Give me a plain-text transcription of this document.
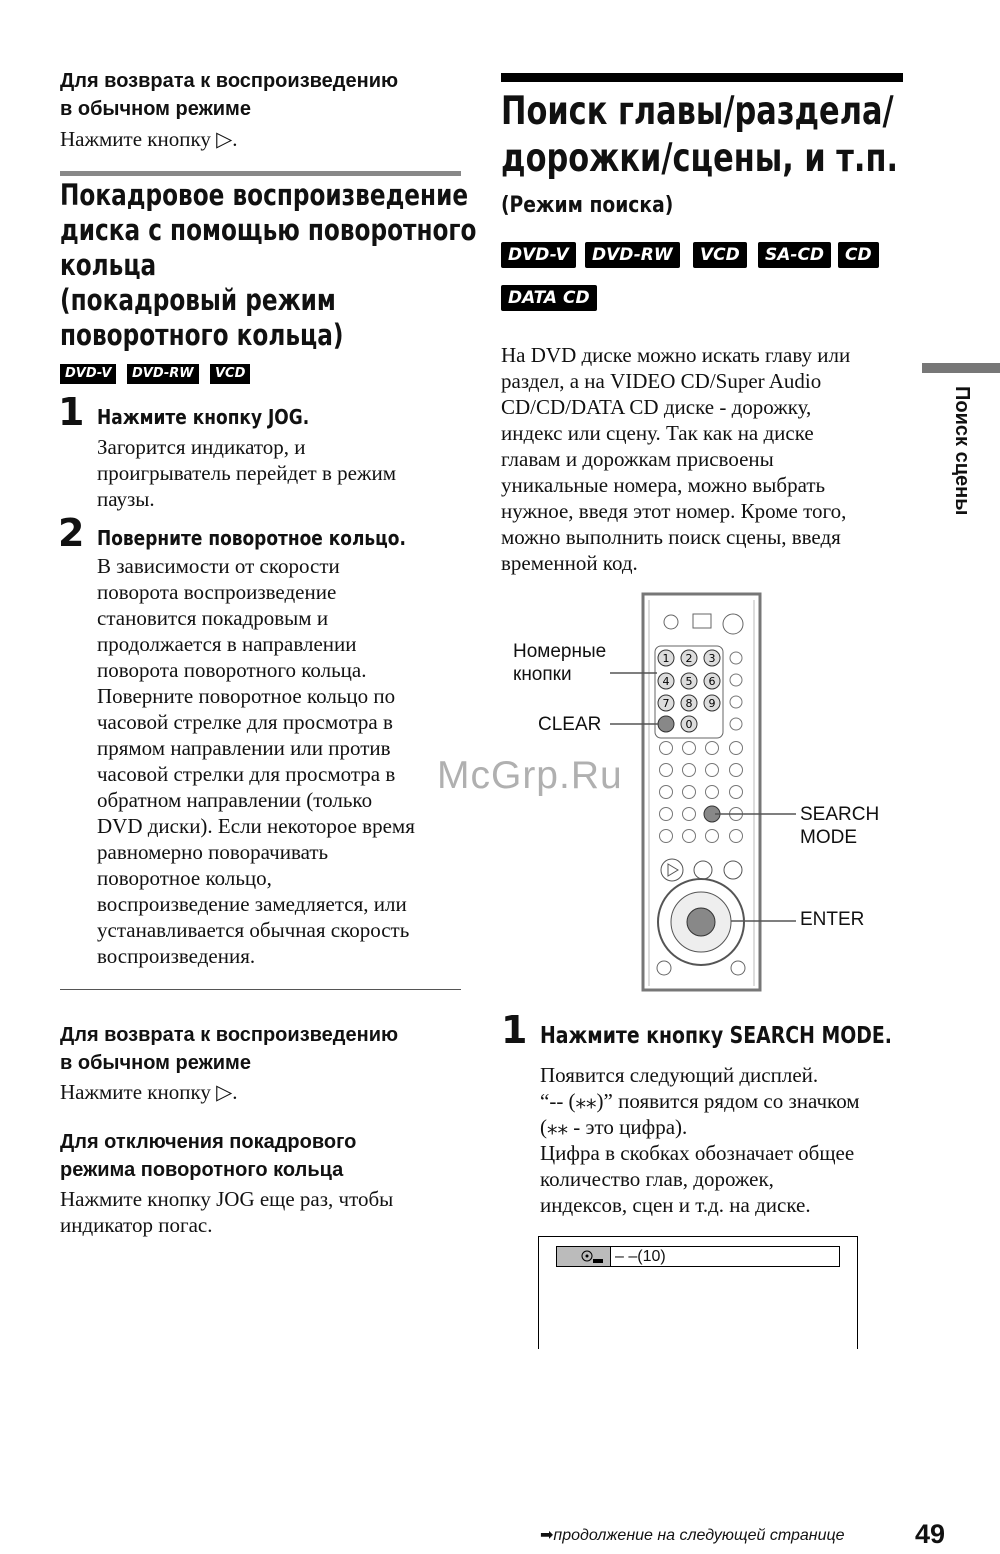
Для возврата к воспроизведению
в обычном режиме
Нажмите кнопку ▷.
Покадровое воспроизведение
диска с помощью поворотного
кольца
(покадровый режим
поворотного кольца)
DVD-V	DVD-RW	VCD
1 Нажмите кнопку JOG.
Загорится индикатор, и
проигрыватель перейдет в режим
паузы.
2 Поверните поворотное кольцо.
В зависимости от скорости
поворота воспроизведение
становится покадровым и
продолжается в направлении
поворота поворотного кольца.
Поверните поворотное кольцо по
часовой стрелке для просмотра в
прямом направлении или против
часовой стрелки для просмотра в
обратном направлении (только
DVD диски). Если некоторое время
равномерно поворачивать
поворотное кольцо,
воспроизведение замедляется, или
устанавливается обычная скорость
воспроизведения.
Для возврата к воспроизведению
в обычном режиме
Нажмите кнопку ▷.
Для отключения покадрового
режима поворотного кольца
Нажмите кнопку JOG еще раз, чтобы
индикатор погас.
Поиск главы/раздела/
дорожки/сцены, и т.п.
(Режим поиска)
DVD-V	DVD-RW	VCD	SA-CD	CD
DATA CD
На DVD диске можно искать главу или
раздел, а на VIDEO CD/Super Audio
CD/CD/DATA CD диске - дорожку,
индекс или сцену. Так как на диске
главам и дорожкам присвоены
уникальные номера, можно выбрать
нужное, введя этот номер. Кроме того,
можно выполнить поиск сцены, введя
временной код.
1 2 3
4 5 6
7 8 9
0
Номерные
кнопки
CLEAR
SEARCH
MODE
ENTER
1 Нажмите кнопку SEARCH MODE.
Появится следующий дисплей.
“-- (⁎⁎)” появится рядом со значком
(⁎⁎ - это цифра).
Цифра в скобках обозначает общее
количество глав, дорожек,
индексов, сцен и т.д. на диске.
– –(10)
Поиск сцены
McGrp.Ru
➡продолжение на следующей странице	49
